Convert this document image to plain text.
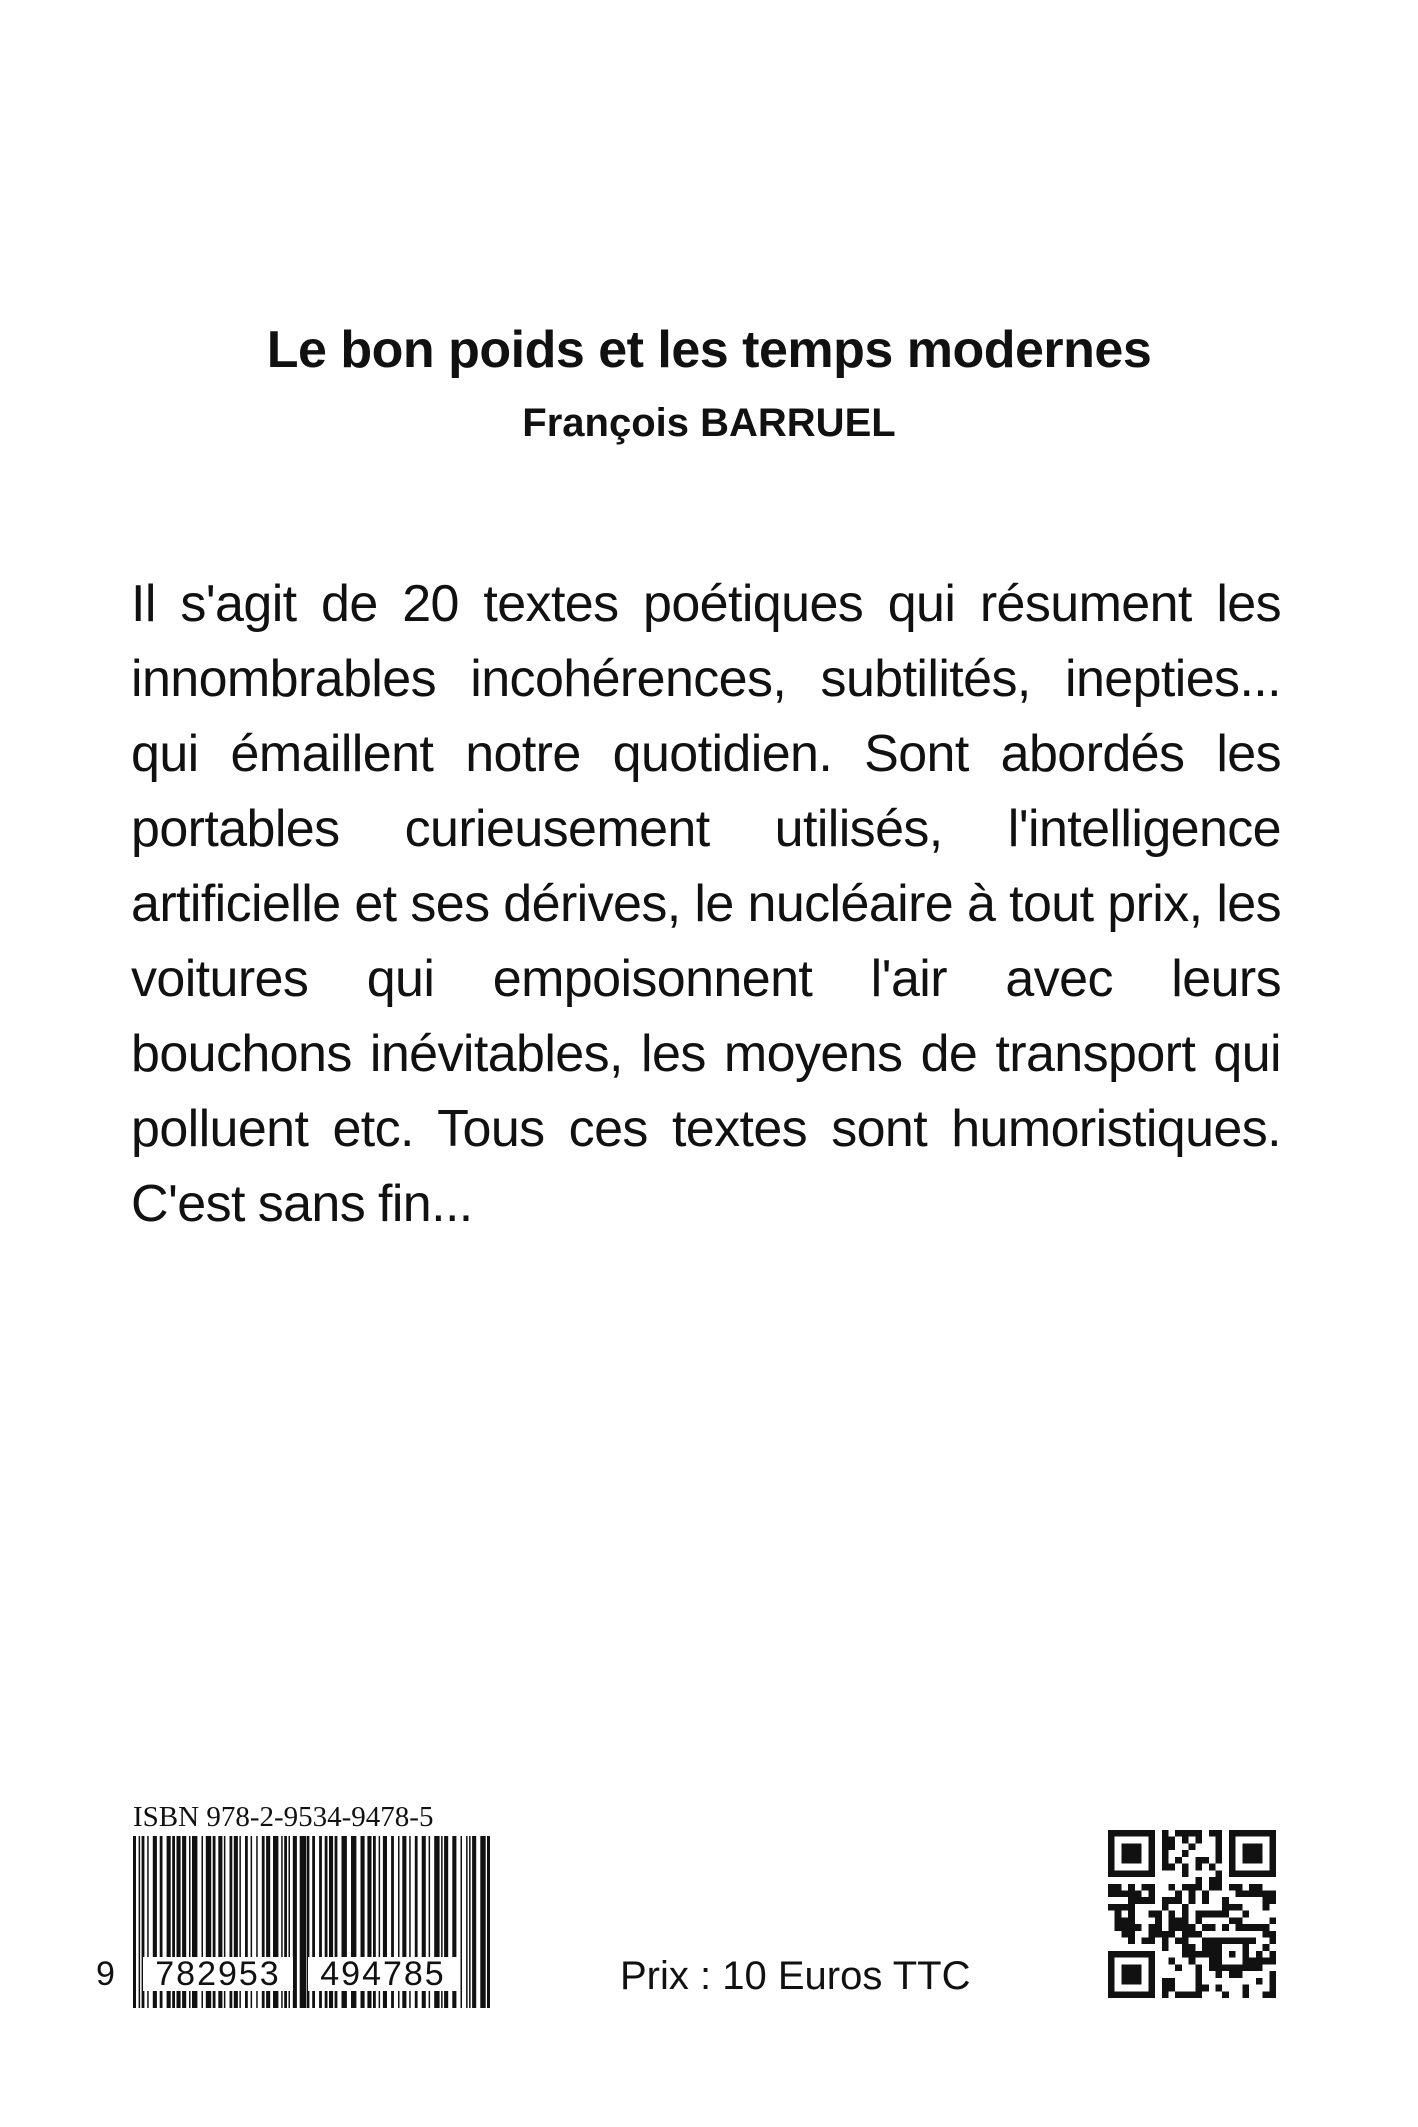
Le bon poids et les temps modernes
François BARRUEL
Il s'agit de 20 textes poétiques qui résument les innombrables incohérences, subtilités, inepties... qui émaillent notre quotidien. Sont abordés les portables curieusement utilisés, l'intelligence artificielle et ses dérives, le nucléaire à tout prix, les voitures qui empoisonnent l'air avec leurs bouchons inévitables, les moyens de transport qui polluent etc. Tous ces textes sont humoristiques. C'est sans fin...
ISBN 978-2-9534-9478-5
9	782953	494785	Prix : 10 Euros TTC
